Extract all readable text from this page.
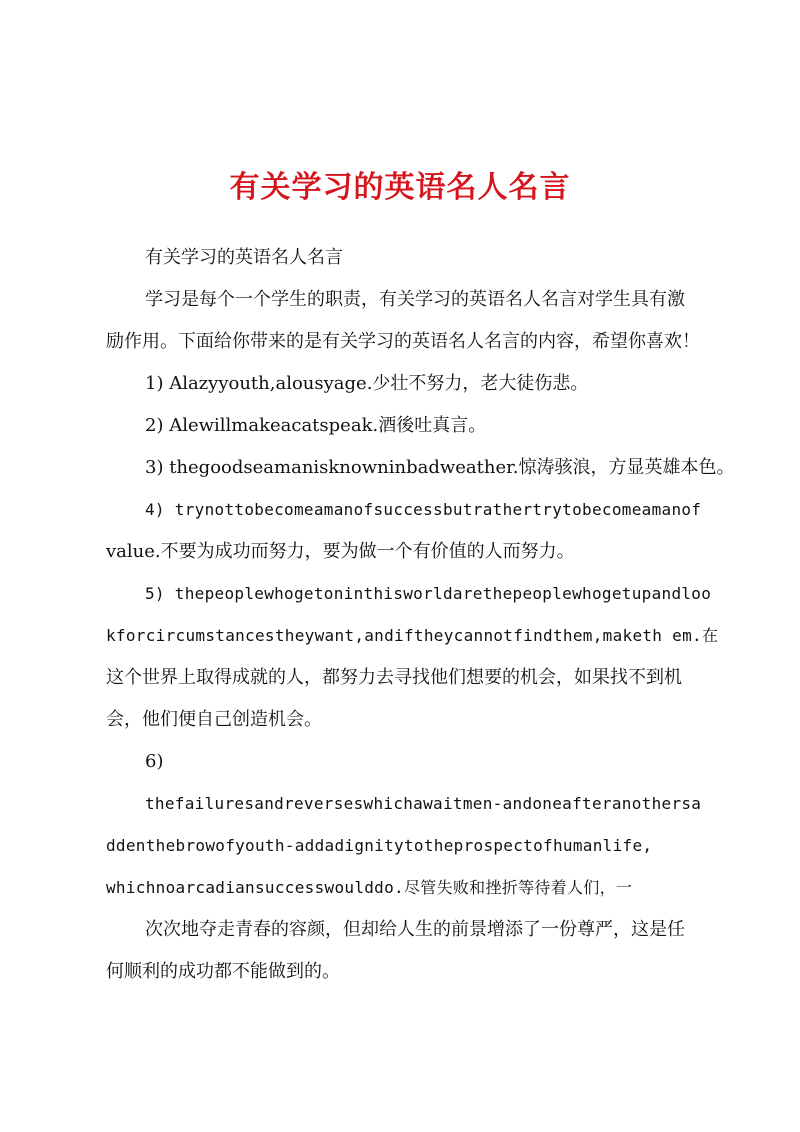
有关学习的英语名人名言
有关学习的英语名人名言
学习是每个一个学生的职责，有关学习的英语名人名言对学生具有激
励作用。下面给你带来的是有关学习的英语名人名言的内容，希望你喜欢！
1) Alazyyouth,alousyage.少壮不努力，老大徒伤悲。
2) Alewillmakeacatspeak.酒後吐真言。
3) thegoodseamanisknowninbadweather.惊涛骇浪，方显英雄本色。
4) trynottobecomeamanofsuccessbutrathertrytobecomeamanof
value.不要为成功而努力，要为做一个有价值的人而努力。
5) thepeoplewhogetoninthisworldarethepeoplewhogetupandloo
kforcircumstancestheywant,andiftheycannotfindthem,maketh em.在
这个世界上取得成就的人，都努力去寻找他们想要的机会，如果找不到机
会，他们便自己创造机会。
6)
thefailuresandreverseswhichawaitmen-andoneafteranothersa
ddenthebrowofyouth-addadignitytotheprospectofhumanlife,
whichnoarcadiansuccesswoulddo.尽管失败和挫折等待着人们，一
次次地夺走青春的容颜，但却给人生的前景增添了一份尊严，这是任
何顺利的成功都不能做到的。
